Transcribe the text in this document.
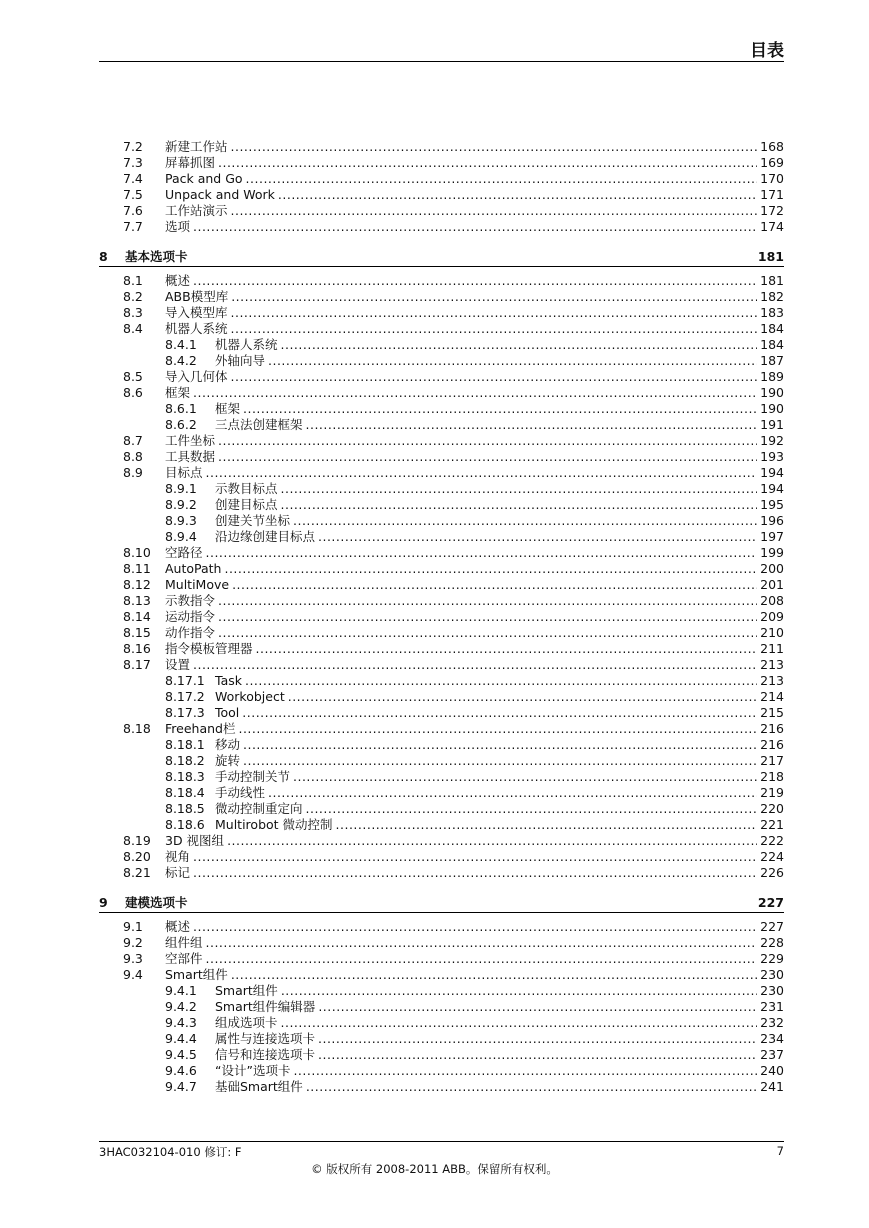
目表
7.2 新建工作站 .....	168
7.3 屏幕抓图 .....	169
7.4 Pack and Go .....	170
7.5 Unpack and Work .....	171
7.6 工作站演示 .....	172
7.7 选项 .....	174
8 基本选项卡	181
8.1 概述 .....	181
8.2 ABB模型库 .....	182
8.3 导入模型库 .....	183
8.4 机器人系统 .....	184
8.4.1 机器人系统 .....	184
8.4.2 外轴向导 .....	187
8.5 导入几何体 .....	189
8.6 框架 .....	190
8.6.1 框架 .....	190
8.6.2 三点法创建框架 .....	191
8.7 工件坐标 .....	192
8.8 工具数据 .....	193
8.9 目标点 .....	194
8.9.1 示教目标点 .....	194
8.9.2 创建目标点 .....	195
8.9.3 创建关节坐标 .....	196
8.9.4 沿边缘创建目标点 .....	197
8.10 空路径 .....	199
8.11 AutoPath .....	200
8.12 MultiMove .....	201
8.13 示教指令 .....	208
8.14 运动指令 .....	209
8.15 动作指令 .....	210
8.16 指令模板管理器 .....	211
8.17 设置 .....	213
8.17.1 Task .....	213
8.17.2 Workobject .....	214
8.17.3 Tool .....	215
8.18 Freehand栏 .....	216
8.18.1 移动 .....	216
8.18.2 旋转 .....	217
8.18.3 手动控制关节 .....	218
8.18.4 手动线性 .....	219
8.18.5 微动控制重定向 .....	220
8.18.6 Multirobot 微动控制 .....	221
8.19 3D 视图组 .....	222
8.20 视角 .....	224
8.21 标记 .....	226
9 建模选项卡	227
9.1 概述 .....	227
9.2 组件组 .....	228
9.3 空部件 .....	229
9.4 Smart组件 .....	230
9.4.1 Smart组件 .....	230
9.4.2 Smart组件编辑器 .....	231
9.4.3 组成选项卡 .....	232
9.4.4 属性与连接选项卡 .....	234
9.4.5 信号和连接选项卡 .....	237
9.4.6 “设计”选项卡 .....	240
9.4.7 基础Smart组件 .....	241
3HAC032104-010 修订: F	7
© 版权所有 2008-2011 ABB。保留所有权利。
